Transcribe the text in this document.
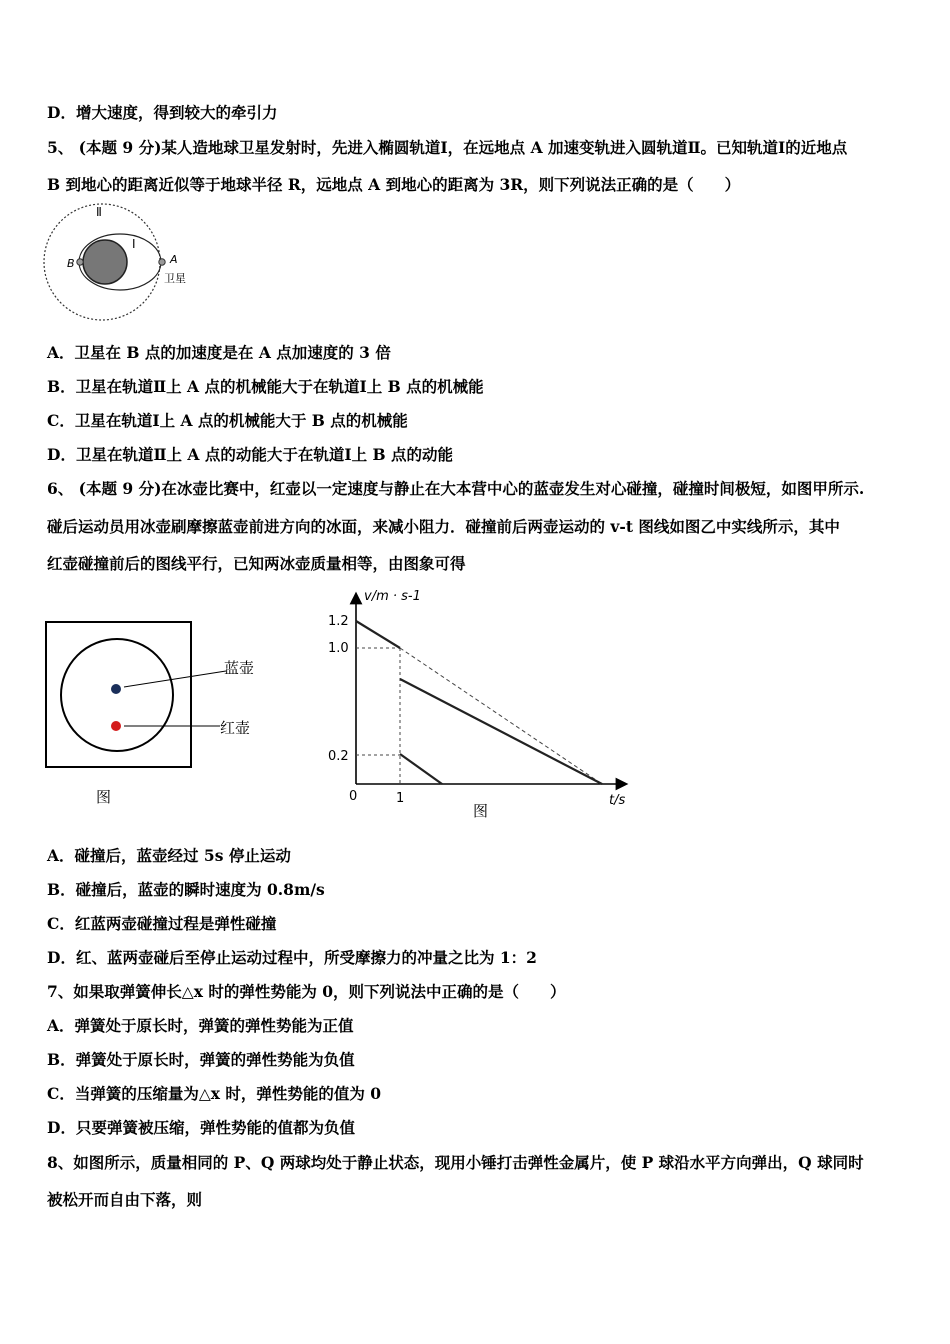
D．增大速度，得到较大的牵引力
5、 (本题 9 分)某人造地球卫星发射时，先进入椭圆轨道Ⅰ，在远地点 A 加速变轨进入圆轨道Ⅱ。已知轨道Ⅰ的近地点
B 到地心的距离近似等于地球半径 R，远地点 A 到地心的距离为 3R，则下列说法正确的是（　　）
Ⅱ
Ⅰ
B	A
卫星
A．卫星在 B 点的加速度是在 A 点加速度的 3 倍
B．卫星在轨道Ⅱ上 A 点的机械能大于在轨道Ⅰ上 B 点的机械能
C．卫星在轨道Ⅰ上 A 点的机械能大于 B 点的机械能
D．卫星在轨道Ⅱ上 A 点的动能大于在轨道Ⅰ上 B 点的动能
6、 (本题 9 分)在冰壶比赛中，红壶以一定速度与静止在大本营中心的蓝壶发生对心碰撞，碰撞时间极短，如图甲所示.
碰后运动员用冰壶刷摩擦蓝壶前进方向的冰面，来减小阻力．碰撞前后两壶运动的 v-t 图线如图乙中实线所示，其中
红壶碰撞前后的图线平行，已知两冰壶质量相等，由图象可得
蓝壶
红壶
图
v/m · s-1
1.2
1.0
0.2
0	1	t/s
图
A．碰撞后，蓝壶经过 5s 停止运动
B．碰撞后，蓝壶的瞬时速度为 0.8m/s
C．红蓝两壶碰撞过程是弹性碰撞
D．红、蓝两壶碰后至停止运动过程中，所受摩擦力的冲量之比为 1：2
7、如果取弹簧伸长△x 时的弹性势能为 0，则下列说法中正确的是（　　）
A．弹簧处于原长时，弹簧的弹性势能为正值
B．弹簧处于原长时，弹簧的弹性势能为负值
C．当弹簧的压缩量为△x 时，弹性势能的值为 0
D．只要弹簧被压缩，弹性势能的值都为负值
8、如图所示，质量相同的 P、Q 两球均处于静止状态，现用小锤打击弹性金属片，使 P 球沿水平方向弹出，Q 球同时
被松开而自由下落，则
